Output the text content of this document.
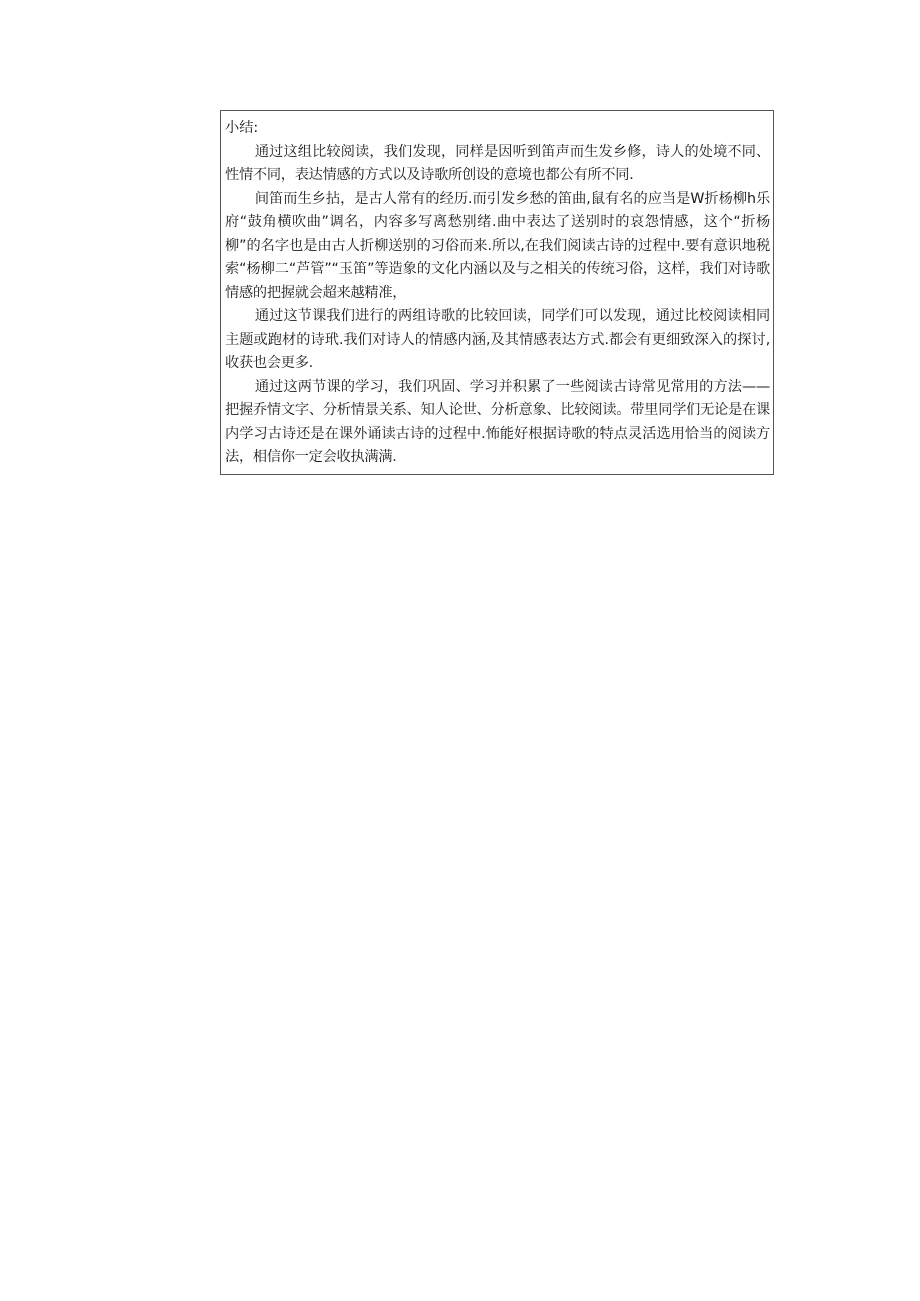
小结:

通过这组比较阅读，我们发现，同样是因听到笛声而生发乡修，诗人的处境不同、性情不同，表达情感的方式以及诗歌所创设的意境也都公有所不同.

间笛而生乡拈，是古人常有的经历.而引发乡愁的笛曲,鼠有名的应当是W折杨柳h乐府“鼓角横吹曲”调名，内容多写离愁别绪.曲中表达了送别时的哀怨情感，这个“折杨柳”的名字也是由古人折柳送别的习俗而来.所以,在我们阅读古诗的过程中.要有意识地税索“杨柳二“芦管”“玉笛”等造象的文化内涵以及与之相关的传统习俗，这样，我们对诗歌情感的把握就会超来越精准，

通过这节课我们进行的两组诗歌的比较回读，同学们可以发现，通过比校阅读相同主题或跑材的诗玳.我们对诗人的情感内涵,及其情感表达方式.都会有更细致深入的探讨,收获也会更多.

通过这两节课的学习，我们巩固、学习并积累了一些阅读古诗常见常用的方法——把握乔情文字、分析情景关系、知人论世、分析意象、比较阅读。带里同学们无论是在课内学习古诗还是在课外诵读古诗的过程中.怖能好根据诗歌的特点灵活选用恰当的阅读方法，相信你一定会收执满满.
